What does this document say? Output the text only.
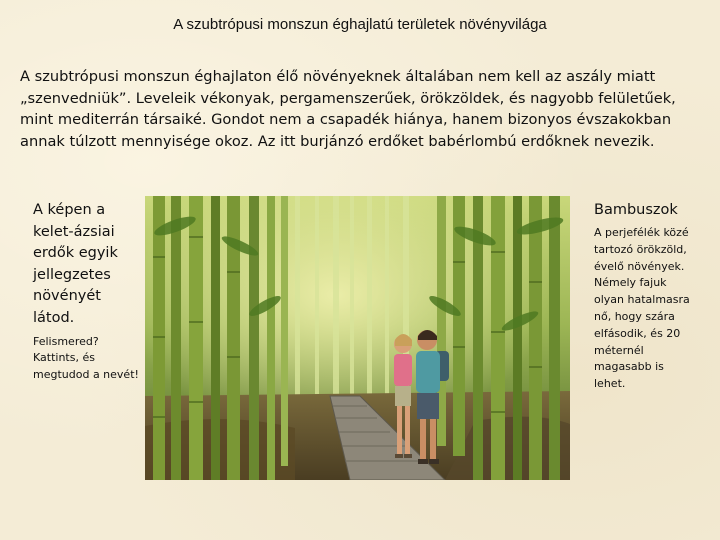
A szubtrópusi monszun éghajlatú területek növényvilága

A szubtrópusi monszun éghajlaton élő növényeknek általában nem kell az aszály miatt „szenvedniük”. Leveleik vékonyak, pergamenszerűek, örökzöldek, és nagyobb felületűek, mint mediterrán társaiké. Gondot nem a csapadék hiánya, hanem bizonyos évszakokban annak túlzott mennyisége okoz. Az itt burjánzó erdőket babérlombú erdőknek nevezik.

A képen a kelet-ázsiai erdők egyik jellegzetes növényét látod.

Felismered? Kattints, és megtudod a nevét!

Bambuszok

A perjefélék közé tartozó örökzöld, évelő növények. Némely fajuk olyan hatalmasra nő, hogy szára elfásodik, és 20 méternél magasabb is lehet.
